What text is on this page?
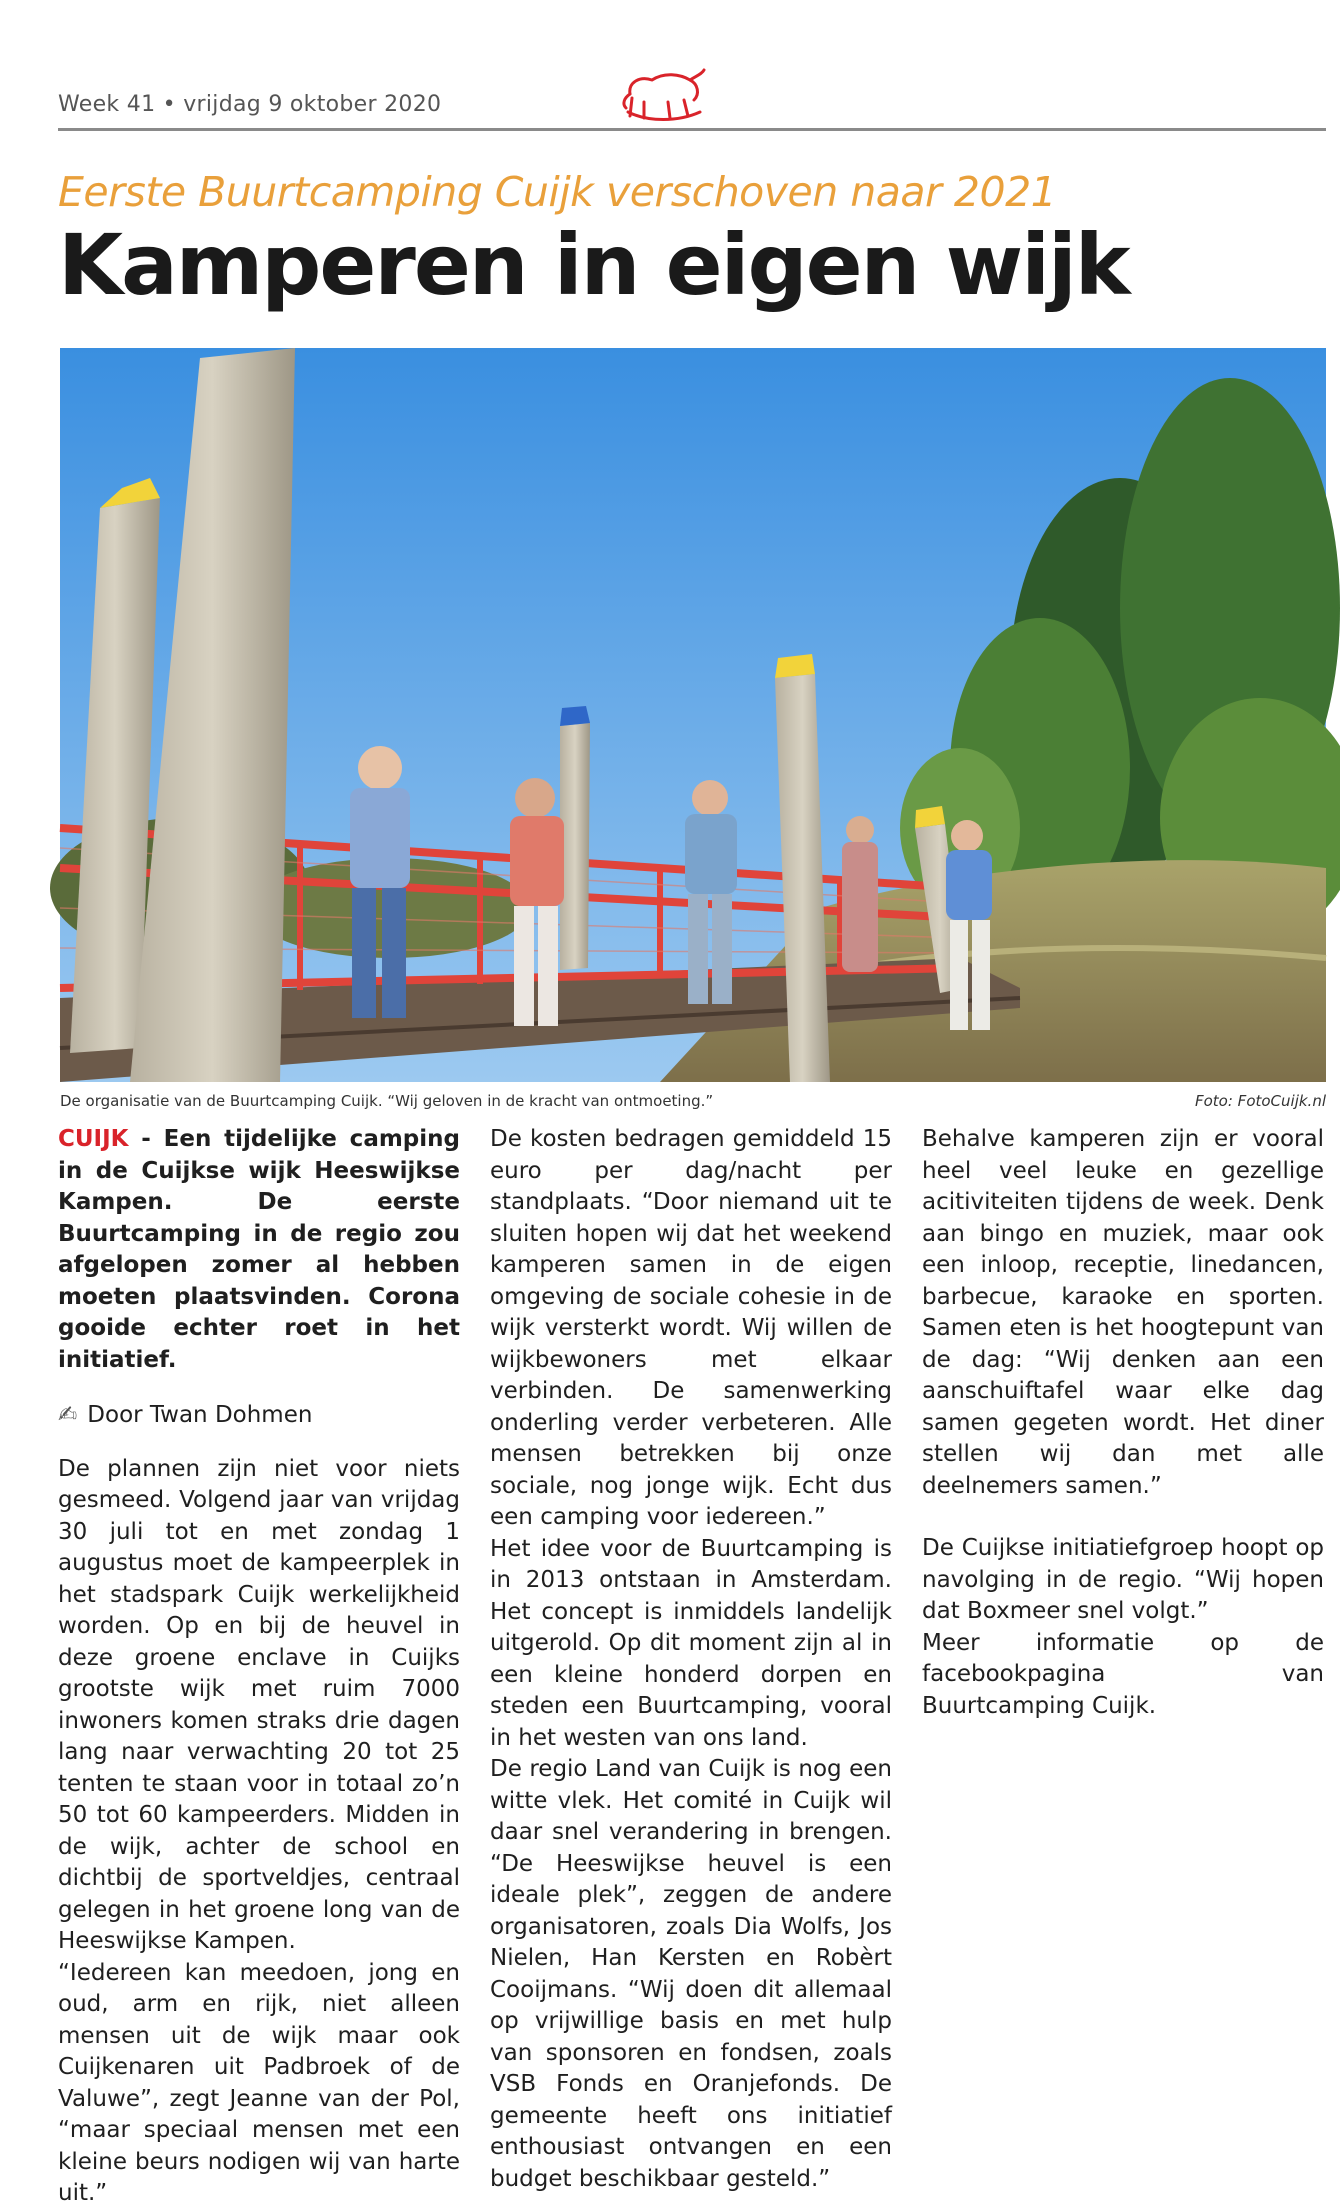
Week 41 • vrijdag 9 oktober 2020
Eerste Buurtcamping Cuijk verschoven naar 2021
Kamperen in eigen wijk
De organisatie van de Buurtcamping Cuijk. “Wij geloven in de kracht van ontmoeting.”	Foto: FotoCuijk.nl

CUIJK - Een tijdelijke camping in de Cuijkse wijk Heeswijkse Kampen. De eerste Buurtcamping in de regio zou afgelopen zomer al hebben moeten plaatsvinden. Corona gooide echter roet in het initiatief.

✍ Door Twan Dohmen

De plannen zijn niet voor niets gesmeed. Volgend jaar van vrijdag 30 juli tot en met zondag 1 augustus moet de kampeerplek in het stadspark Cuijk werkelijkheid worden. Op en bij de heuvel in deze groene enclave in Cuijks grootste wijk met ruim 7000 inwoners komen straks drie dagen lang naar verwachting 20 tot 25 tenten te staan voor in totaal zo’n 50 tot 60 kampeerders. Midden in de wijk, achter de school en dichtbij de sportveldjes, centraal gelegen in het groene long van de Heeswijkse Kampen.

“Iedereen kan meedoen, jong en oud, arm en rijk, niet alleen mensen uit de wijk maar ook Cuijkenaren uit Padbroek of de Valuwe”, zegt Jeanne van der Pol, “maar speciaal mensen met een kleine beurs nodigen wij van harte uit.”

De kosten bedragen gemiddeld 15 euro per dag/nacht per standplaats. “Door niemand uit te sluiten hopen wij dat het weekend kamperen samen in de eigen omgeving de sociale cohesie in de wijk versterkt wordt. Wij willen de wijkbewoners met elkaar verbinden. De samenwerking onderling verder verbeteren. Alle mensen betrekken bij onze sociale, nog jonge wijk. Echt dus een camping voor iedereen.”

Het idee voor de Buurtcamping is in 2013 ontstaan in Amsterdam. Het concept is inmiddels landelijk uitgerold. Op dit moment zijn al in een kleine honderd dorpen en steden een Buurtcamping, vooral in het westen van ons land.

De regio Land van Cuijk is nog een witte vlek. Het comité in Cuijk wil daar snel verandering in brengen. “De Heeswijkse heuvel is een ideale plek”, zeggen de andere organisatoren, zoals Dia Wolfs, Jos Nielen, Han Kersten en Robèrt Cooijmans. “Wij doen dit allemaal op vrijwillige basis en met hulp van sponsoren en fondsen, zoals VSB Fonds en Oranjefonds. De gemeente heeft ons initiatief enthousiast ontvangen en een budget beschikbaar gesteld.”

Behalve kamperen zijn er vooral heel veel leuke en gezellige acitiviteiten tijdens de week. Denk aan bingo en muziek, maar ook een inloop, receptie, linedancen, barbecue, karaoke en sporten. Samen eten is het hoogtepunt van de dag: “Wij denken aan een aanschuiftafel waar elke dag samen gegeten wordt. Het diner stellen wij dan met alle deelnemers samen.”

De Cuijkse initiatiefgroep hoopt op navolging in de regio. “Wij hopen dat Boxmeer snel volgt.”

Meer informatie op de facebookpagina van Buurtcamping Cuijk.
